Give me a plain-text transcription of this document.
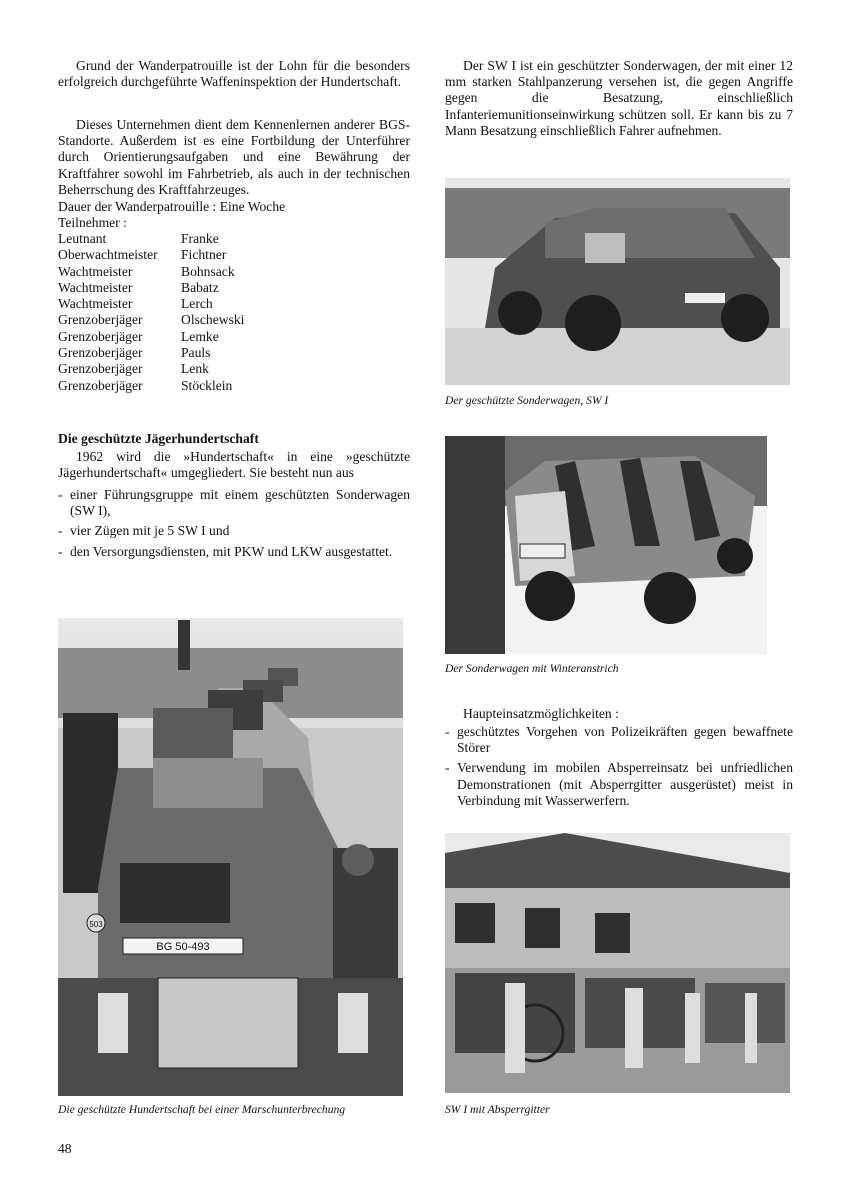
Grund der Wanderpatrouille ist der Lohn für die besonders erfolgreich durchgeführte Waffeninspektion der Hundertschaft.

Dieses Unternehmen dient dem Kennenlernen anderer BGS-Standorte. Außerdem ist es eine Fortbildung der Unterführer durch Orientierungsaufgaben und eine Bewährung der Kraftfahrer sowohl im Fahrbetrieb, als auch in der technischen Beherrschung des Kraftfahrzeuges.

Dauer der Wanderpatrouille : Eine Woche

Teilnehmer :

Leutnant	Franke
Oberwachtmeister	Fichtner
Wachtmeister	Bohnsack
Wachtmeister	Babatz
Wachtmeister	Lerch
Grenzoberjäger	Olschewski
Grenzoberjäger	Lemke
Grenzoberjäger	Pauls
Grenzoberjäger	Lenk
Grenzoberjäger	Stöcklein

Die geschützte Jägerhundertschaft

1962 wird die »Hundertschaft« in eine »geschützte Jägerhundertschaft« umgegliedert. Sie besteht nun aus

- einer Führungsgruppe mit einem geschützten Sonderwagen (SW I),
- vier Zügen mit je 5 SW I und
- den Versorgungsdiensten, mit PKW und LKW ausgestattet.
BG 50-493
503

Die geschützte Hundertschaft bei einer Marschunterbrechung

Der SW I ist ein geschützter Sonderwagen, der mit einer 12 mm starken Stahlpanzerung versehen ist, die gegen Angriffe gegen die Besatzung, einschließlich Infanteriemunitionseinwirkung schützen soll. Er kann bis zu 7 Mann Besatzung einschließlich Fahrer aufnehmen.

Der geschützte Sonderwagen, SW I

Der Sonderwagen mit Winteranstrich

Haupteinsatzmöglichkeiten :

- geschütztes Vorgehen von Polizeikräften gegen bewaffnete Störer
- Verwendung im mobilen Absperreinsatz bei unfriedlichen Demonstrationen (mit Absperrgitter ausgerüstet) meist in Verbindung mit Wasserwerfern.

SW I mit Absperrgitter

48
